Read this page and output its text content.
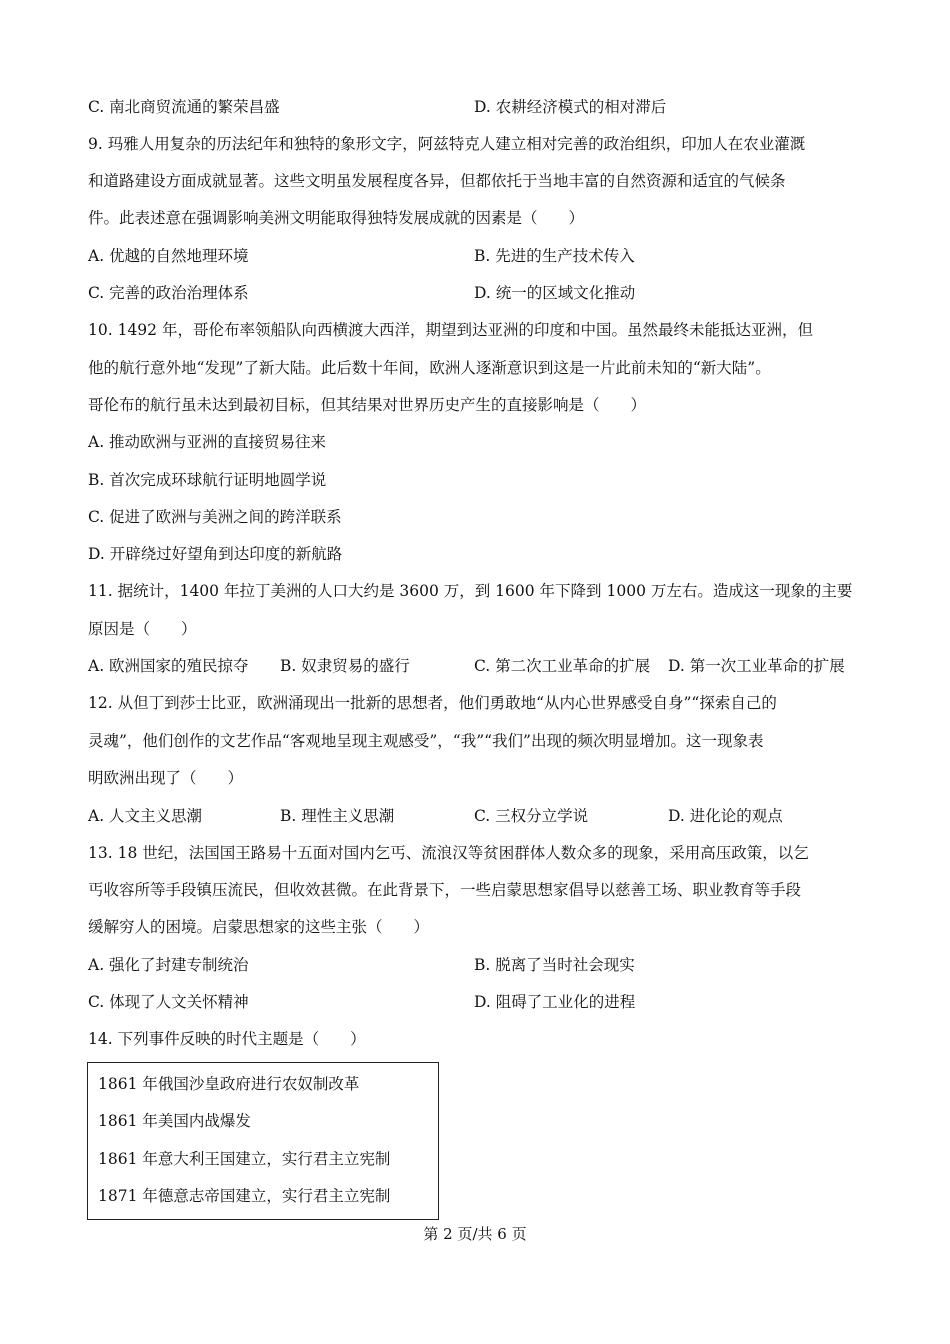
C. 南北商贸流通的繁荣昌盛	D. 农耕经济模式的相对滞后
9. 玛雅人用复杂的历法纪年和独特的象形文字，阿兹特克人建立相对完善的政治组织，印加人在农业灌溉
和道路建设方面成就显著。这些文明虽发展程度各异，但都依托于当地丰富的自然资源和适宜的气候条
件。此表述意在强调影响美洲文明能取得独特发展成就的因素是（　　）
A. 优越的自然地理环境	B. 先进的生产技术传入
C. 完善的政治治理体系	D. 统一的区域文化推动
10. 1492 年，哥伦布率领船队向西横渡大西洋，期望到达亚洲的印度和中国。虽然最终未能抵达亚洲，但
他的航行意外地“发现”了新大陆。此后数十年间，欧洲人逐渐意识到这是一片此前未知的“新大陆”。
哥伦布的航行虽未达到最初目标，但其结果对世界历史产生的直接影响是（　　）
A. 推动欧洲与亚洲的直接贸易往来
B. 首次完成环球航行证明地圆学说
C. 促进了欧洲与美洲之间的跨洋联系
D. 开辟绕过好望角到达印度的新航路
11. 据统计，1400 年拉丁美洲的人口大约是 3600 万，到 1600 年下降到 1000 万左右。造成这一现象的主要
原因是（　　）
A. 欧洲国家的殖民掠夺 B. 奴隶贸易的盛行	C. 第二次工业革命的扩展 D. 第一次工业革命的扩展
12. 从但丁到莎士比亚，欧洲涌现出一批新的思想者，他们勇敢地“从内心世界感受自身”“探索自己的
灵魂”，他们创作的文艺作品“客观地呈现主观感受”，“我”“我们”出现的频次明显增加。这一现象表
明欧洲出现了（　　）
A. 人文主义思潮	B. 理性主义思潮	C. 三权分立学说	D. 进化论的观点
13. 18 世纪，法国国王路易十五面对国内乞丐、流浪汉等贫困群体人数众多的现象，采用高压政策，以乞
丐收容所等手段镇压流民，但收效甚微。在此背景下，一些启蒙思想家倡导以慈善工场、职业教育等手段
缓解穷人的困境。启蒙思想家的这些主张（　　）
A. 强化了封建专制统治	B. 脱离了当时社会现实
C. 体现了人文关怀精神	D. 阻碍了工业化的进程
14. 下列事件反映的时代主题是（　　）
1861 年俄国沙皇政府进行农奴制改革
1861 年美国内战爆发
1861 年意大利王国建立，实行君主立宪制
1871 年德意志帝国建立，实行君主立宪制
第 2 页/共 6 页
